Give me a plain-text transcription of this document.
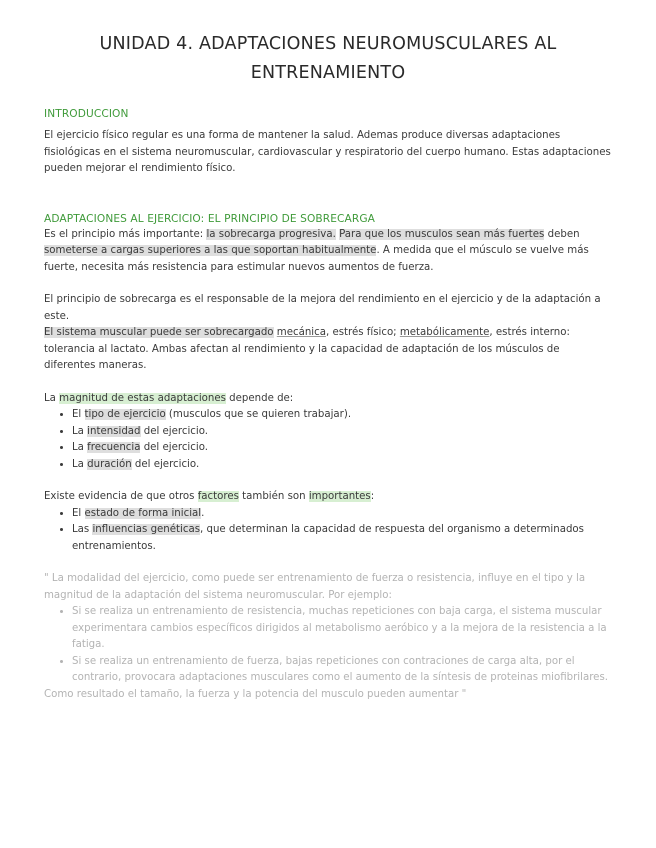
UNIDAD 4. ADAPTACIONES NEUROMUSCULARES AL
ENTRENAMIENTO
INTRODUCCION

El ejercicio físico regular es una forma de mantener la salud. Ademas produce diversas adaptaciones fisiológicas en el sistema neuromuscular, cardiovascular y respiratorio del cuerpo humano. Estas adaptaciones pueden mejorar el rendimiento físico.

ADAPTACIONES AL EJERCICIO: EL PRINCIPIO DE SOBRECARGA

Es el principio más importante: la sobrecarga progresiva. Para que los musculos sean más fuertes deben someterse a cargas superiores a las que soportan habitualmente. A medida que el músculo se vuelve más fuerte, necesita más resistencia para estimular nuevos aumentos de fuerza.

El principio de sobrecarga es el responsable de la mejora del rendimiento en el ejercicio y de la adaptación a este.

El sistema muscular puede ser sobrecargado mecánica, estrés físico; metabólicamente, estrés interno: tolerancia al lactato. Ambas afectan al rendimiento y la capacidad de adaptación de los músculos de diferentes maneras.

La magnitud de estas adaptaciones depende de:

• El tipo de ejercicio (musculos que se quieren trabajar).
• La intensidad del ejercicio.
• La frecuencia del ejercicio.
• La duración del ejercicio.

Existe evidencia de que otros factores también son importantes:

• El estado de forma inicial.
• Las influencias genéticas, que determinan la capacidad de respuesta del organismo a determinados entrenamientos.

" La modalidad del ejercicio, como puede ser entrenamiento de fuerza o resistencia, influye en el tipo y la magnitud de la adaptación del sistema neuromuscular. Por ejemplo:

• Si se realiza un entrenamiento de resistencia, muchas repeticiones con baja carga, el sistema muscular experimentara cambios específicos dirigidos al metabolismo aeróbico y a la mejora de la resistencia a la fatiga.
• Si se realiza un entrenamiento de fuerza, bajas repeticiones con contraciones de carga alta, por el contrario, provocara adaptaciones musculares como el aumento de la síntesis de proteinas miofibrilares.

Como resultado el tamaño, la fuerza y la potencia del musculo pueden aumentar "
